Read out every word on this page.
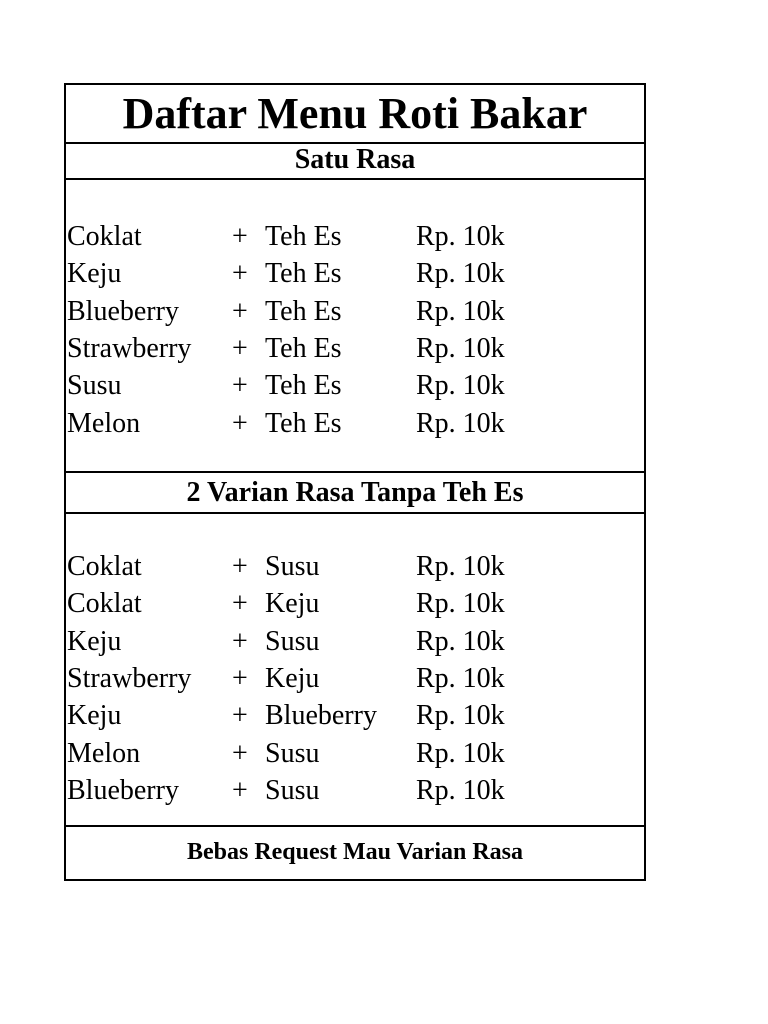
Daftar Menu Roti Bakar
Satu Rasa
Coklat	+ Teh Es	Rp. 10k
Keju	+ Teh Es	Rp. 10k
Blueberry + Teh Es	Rp. 10k
Strawberry + Teh Es	Rp. 10k
Susu	+ Teh Es	Rp. 10k
Melon	+ Teh Es	Rp. 10k
2 Varian Rasa Tanpa Teh Es
Coklat	+ Susu	Rp. 10k
Coklat	+ Keju	Rp. 10k
Keju	+ Susu	Rp. 10k
Strawberry + Keju	Rp. 10k
Keju	+ Blueberry Rp. 10k
Melon	+ Susu	Rp. 10k
Blueberry + Susu	Rp. 10k
Bebas Request Mau Varian Rasa
